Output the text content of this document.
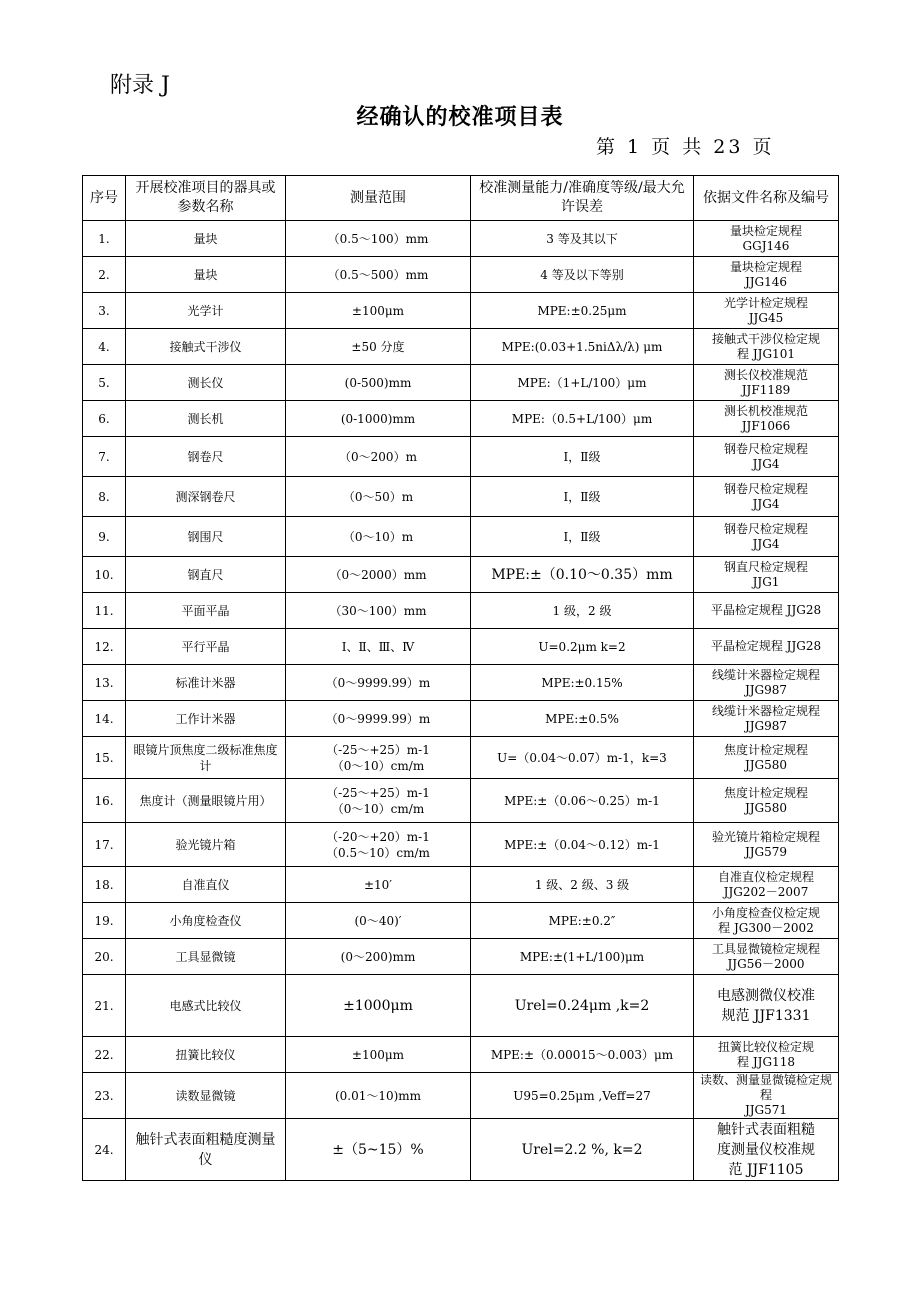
附录 J
经确认的校准项目表
第 1 页 共 23 页
序号	开展校准项目的器具或参数名称	测量范围	校准测量能力/准确度等级/最大允许误差	依据文件名称及编号

1.	量块	（0.5～100）mm	3 等及其以下	量块检定规程
GGJ146

2.	量块	（0.5～500）mm	4 等及以下等别	量块检定规程
JJG146

3.	光学计	±100μm	MPE:±0.25μm	光学计检定规程
JJG45

4.	接触式干涉仪	±50 分度	MPE:(0.03+1.5niΔλ/λ) μm	接触式干涉仪检定规
程 JJG101

5.	测长仪	(0-500)mm	MPE:（1+L/100）μm	测长仪校准规范
JJF1189

6.	测长机	(0-1000)mm	MPE:（0.5+L/100）μm	测长机校准规范
JJF1066

7.	钢卷尺	（0～200）m	Ⅰ，Ⅱ级	钢卷尺检定规程
JJG4

8.	测深钢卷尺	（0～50）m	Ⅰ，Ⅱ级	钢卷尺检定规程
JJG4

9.	钢围尺	（0～10）m	Ⅰ，Ⅱ级	钢卷尺检定规程
JJG4

10.	钢直尺	（0～2000）mm	MPE:±（0.10～0.35）mm	钢直尺检定规程
JJG1

11.	平面平晶	（30～100）mm	1 级，2 级	平晶检定规程 JJG28

12.	平行平晶	Ⅰ、Ⅱ、Ⅲ、Ⅳ	U=0.2μm k=2	平晶检定规程 JJG28

13.	标准计米器	（0～9999.99）m	MPE:±0.15%	线缆计米器检定规程
JJG987

14.	工作计米器	（0～9999.99）m	MPE:±0.5%	线缆计米器检定规程
JJG987

15.	眼镜片顶焦度二级标准焦度计	（-25～+25）m-1
（0～10）cm/m	U=（0.04～0.07）m-1，k=3	焦度计检定规程
JJG580

16.	焦度计（测量眼镜片用）	（-25～+25）m-1
（0～10）cm/m	MPE:±（0.06～0.25）m-1	焦度计检定规程
JJG580

17.	验光镜片箱	（-20～+20）m-1
（0.5～10）cm/m	MPE:±（0.04～0.12）m-1	验光镜片箱检定规程
JJG579

18.	自准直仪	±10′	1 级、2 级、3 级	自准直仪检定规程
JJG202－2007

19.	小角度检查仪	(0～40)′	MPE:±0.2″	小角度检查仪检定规
程 JG300－2002

20.	工具显微镜	(0～200)mm	MPE:±(1+L/100)μm	工具显微镜检定规程
JJG56－2000

21.	电感式比较仪	±1000μm	Urel=0.24μm ,k=2	电感测微仪校准
规范 JJF1331

22.	扭簧比较仪	±100μm	MPE:±（0.00015～0.003）μm	扭簧比较仪检定规
程 JJG118

23.	读数显微镜	(0.01～10)mm	U95=0.25μm ,Veff=27	读数、测量显微镜检定规程
JJG571

24.	触针式表面粗糙度测量仪	±（5~15）%	Urel=2.2 %, k=2	触针式表面粗糙
度测量仪校准规
范 JJF1105
